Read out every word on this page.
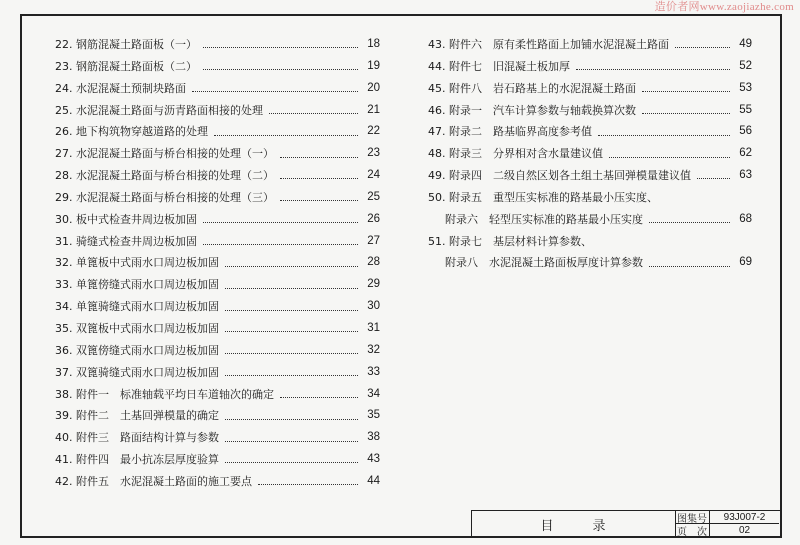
造价者网www.zaojiazhe.com
22. 钢筋混凝土路面板（一）	18
23. 钢筋混凝土路面板（二）	19
24. 水泥混凝土预制块路面	20
25. 水泥混凝土路面与沥青路面相接的处理	21
26. 地下构筑物穿越道路的处理	22
27. 水泥混凝土路面与桥台相接的处理（一）	23
28. 水泥混凝土路面与桥台相接的处理（二）	24
29. 水泥混凝土路面与桥台相接的处理（三）	25
30. 板中式检查井周边板加固	26
31. 骑缝式检查井周边板加固	27
32. 单篦板中式雨水口周边板加固	28
33. 单篦傍缝式雨水口周边板加固	29
34. 单篦骑缝式雨水口周边板加固	30
35. 双篦板中式雨水口周边板加固	31
36. 双篦傍缝式雨水口周边板加固	32
37. 双篦骑缝式雨水口周边板加固	33
38. 附件一　标准轴载平均日车道轴次的确定	34
39. 附件二　土基回弹模量的确定	35
40. 附件三　路面结构计算与参数	38
41. 附件四　最小抗冻层厚度验算	43
42. 附件五　水泥混凝土路面的施工要点	44
43. 附件六　原有柔性路面上加铺水泥混凝土路面	49
44. 附件七　旧混凝土板加厚	52
45. 附件八　岩石路基上的水泥混凝土路面	53
46. 附录一　汽车计算参数与轴载换算次数	55
47. 附录二　路基临界高度参考值	56
48. 附录三　分界相对含水量建议值	62
49. 附录四　二级自然区划各土组土基回弹模量建议值	63
50. 附录五　重型压实标准的路基最小压实度、
附录六　轻型压实标准的路基最小压实度	68
51. 附录七　基层材料计算参数、
附录八　水泥混凝土路面板厚度计算参数	69
目	录	图集号	93J007-2
页　次	02
